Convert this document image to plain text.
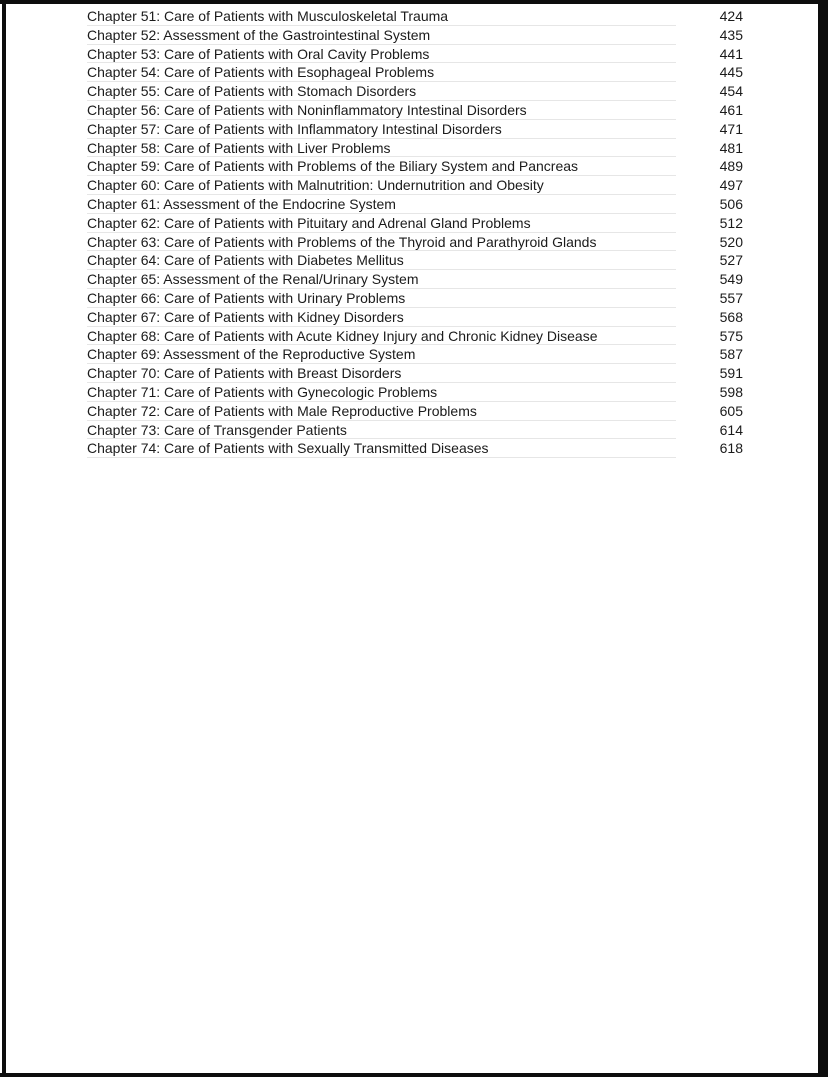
Chapter 51: Care of Patients with Musculoskeletal Trauma	424
Chapter 52: Assessment of the Gastrointestinal System	435
Chapter 53: Care of Patients with Oral Cavity Problems	441
Chapter 54: Care of Patients with Esophageal Problems	445
Chapter 55: Care of Patients with Stomach Disorders	454
Chapter 56: Care of Patients with Noninflammatory Intestinal Disorders	461
Chapter 57: Care of Patients with Inflammatory Intestinal Disorders	471
Chapter 58: Care of Patients with Liver Problems	481
Chapter 59: Care of Patients with Problems of the Biliary System and Pancreas	489
Chapter 60: Care of Patients with Malnutrition: Undernutrition and Obesity	497
Chapter 61: Assessment of the Endocrine System	506
Chapter 62: Care of Patients with Pituitary and Adrenal Gland Problems	512
Chapter 63: Care of Patients with Problems of the Thyroid and Parathyroid Glands	520
Chapter 64: Care of Patients with Diabetes Mellitus	527
Chapter 65: Assessment of the Renal/Urinary System	549
Chapter 66: Care of Patients with Urinary Problems	557
Chapter 67: Care of Patients with Kidney Disorders	568
Chapter 68: Care of Patients with Acute Kidney Injury and Chronic Kidney Disease	575
Chapter 69: Assessment of the Reproductive System	587
Chapter 70: Care of Patients with Breast Disorders	591
Chapter 71: Care of Patients with Gynecologic Problems	598
Chapter 72: Care of Patients with Male Reproductive Problems	605
Chapter 73: Care of Transgender Patients	614
Chapter 74: Care of Patients with Sexually Transmitted Diseases	618
